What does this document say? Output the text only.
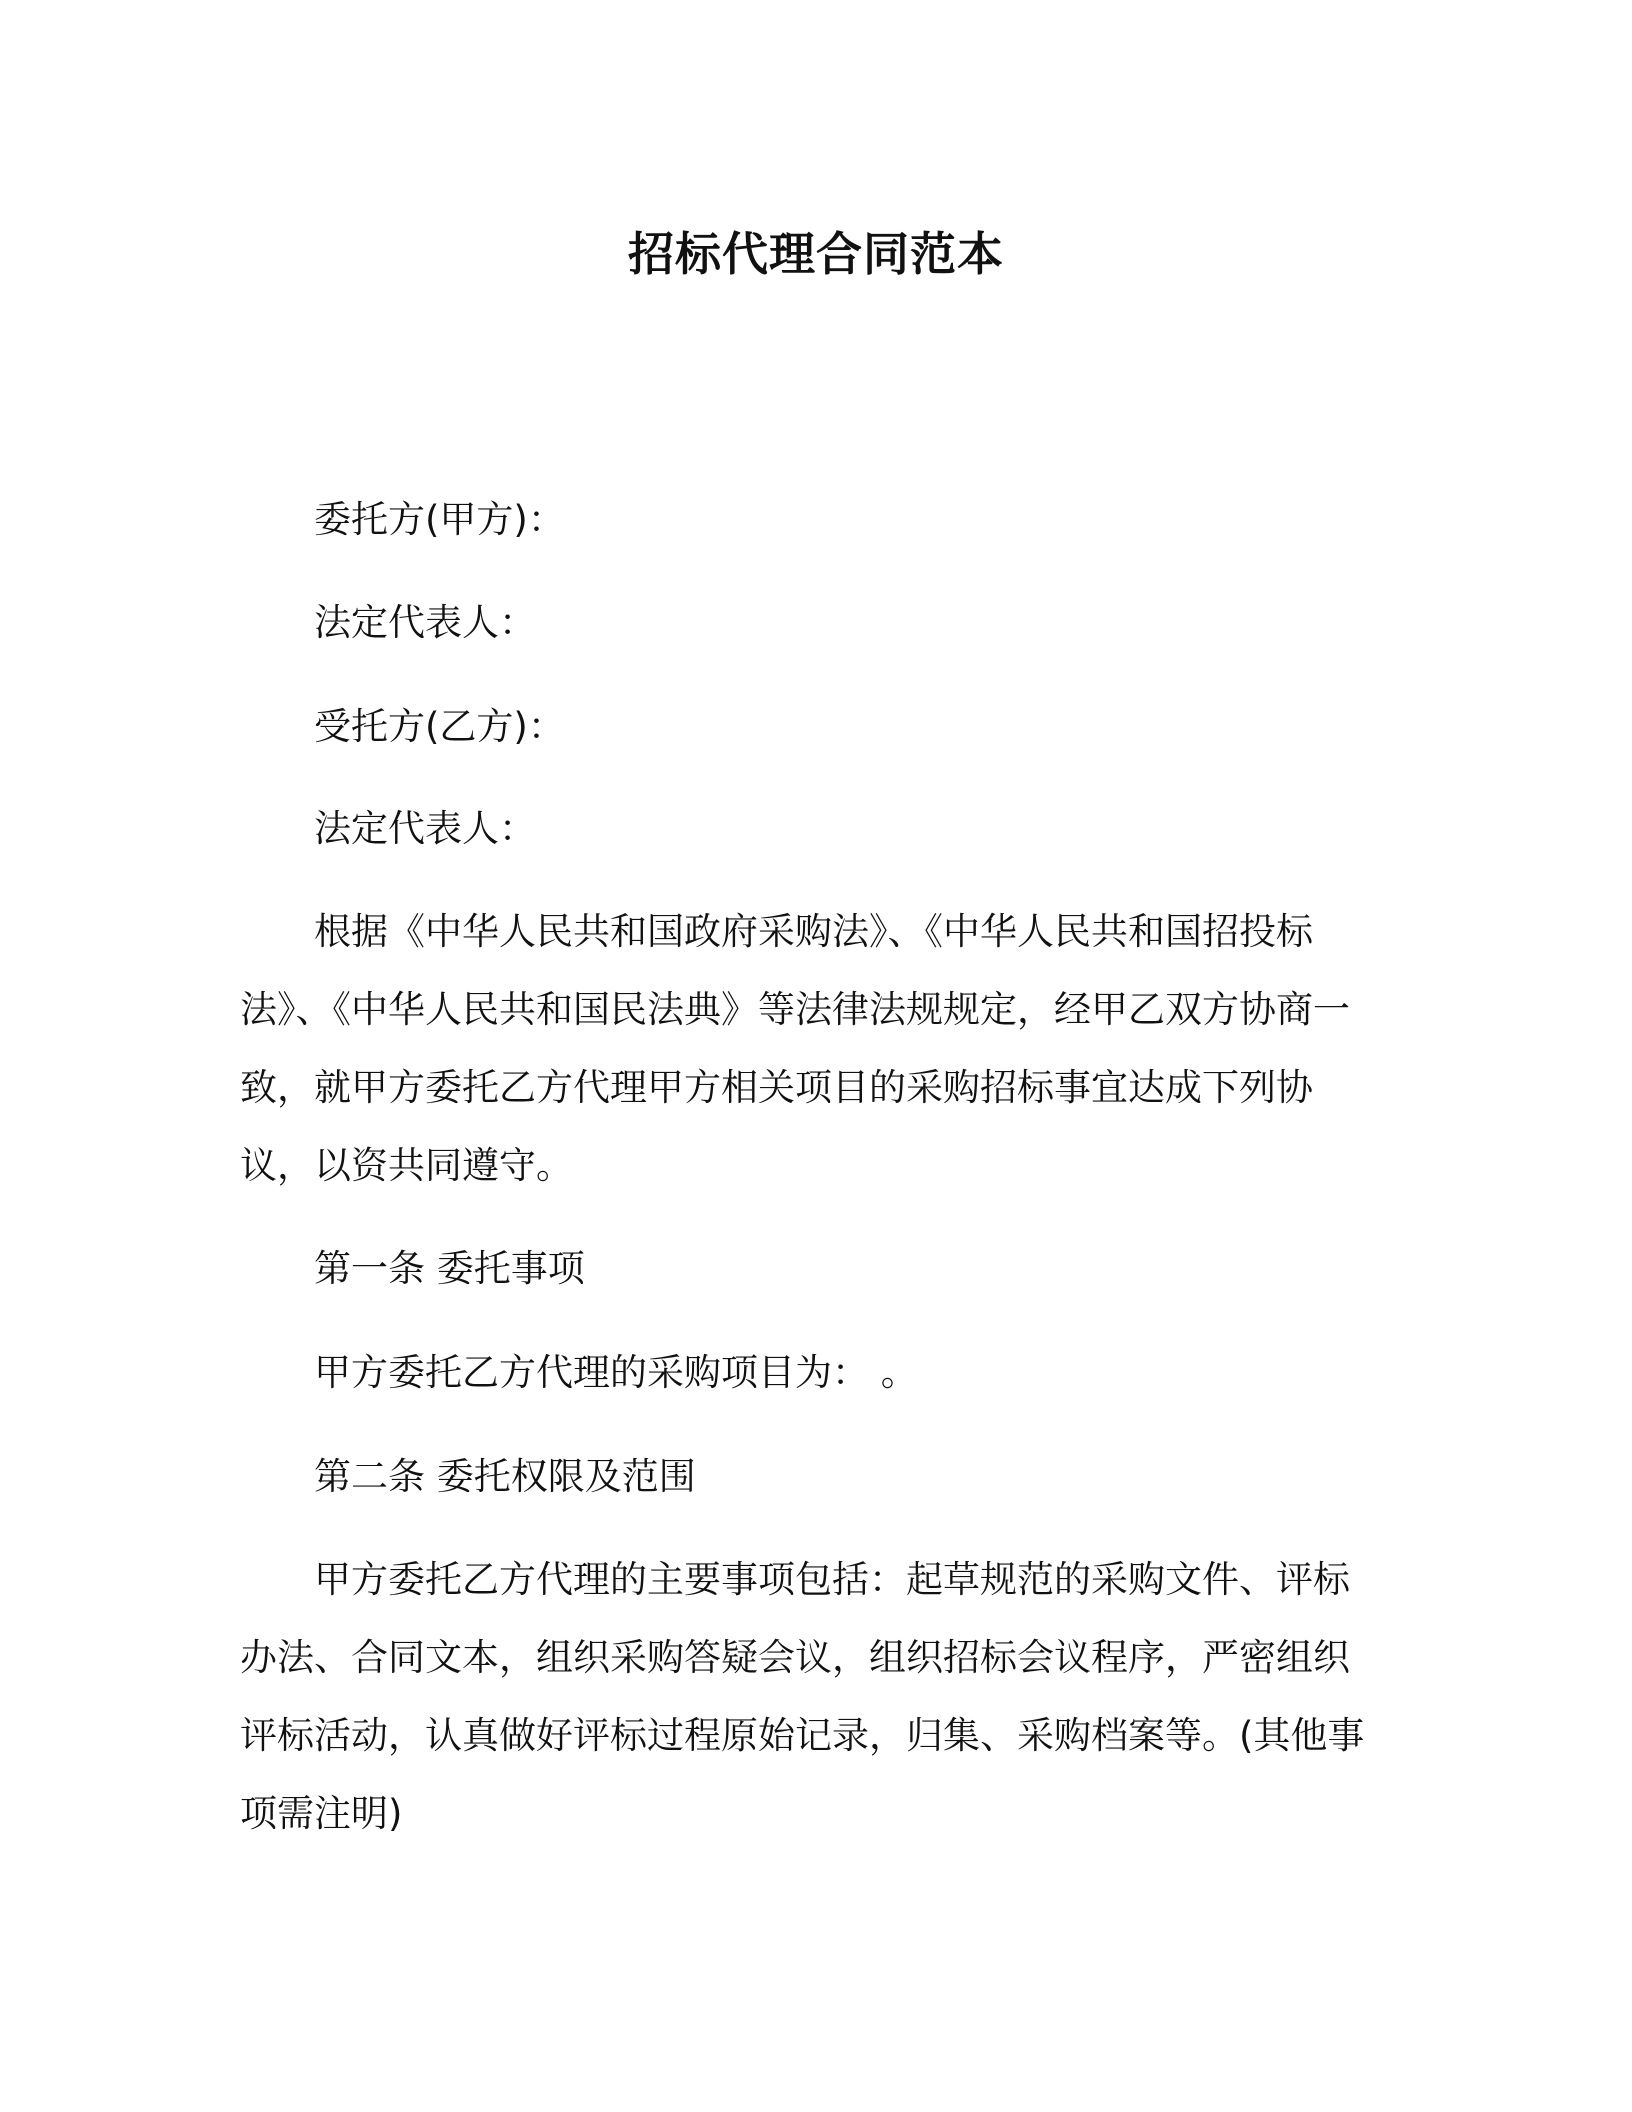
招标代理合同范本
委托方(甲方)：
法定代表人：
受托方(乙方)：
法定代表人：

根据《中华人民共和国政府采购法》、《中华人民共和国招投标法》、《中华人民共和国民法典》等法律法规规定，经甲乙双方协商一致，就甲方委托乙方代理甲方相关项目的采购招标事宜达成下列协议，以资共同遵守。

第一条 委托事项
甲方委托乙方代理的采购项目为： 。
第二条 委托权限及范围

甲方委托乙方代理的主要事项包括：起草规范的采购文件、评标办法、合同文本，组织采购答疑会议，组织招标会议程序，严密组织评标活动，认真做好评标过程原始记录，归集、采购档案等。(其他事项需注明)
